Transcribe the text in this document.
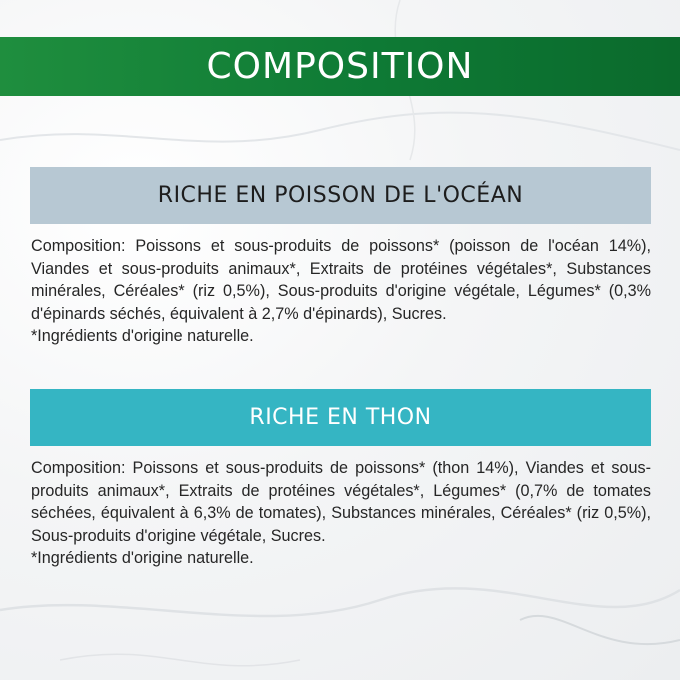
COMPOSITION
RICHE EN POISSON DE L'OCÉAN

Composition: Poissons et sous-produits de poissons* (poisson de l'océan 14%), Viandes et sous-produits animaux*, Extraits de protéines végétales*, Substances minérales, Céréales* (riz 0,5%), Sous-produits d'origine végétale, Légumes* (0,3% d'épinards séchés, équivalent à 2,7% d'épinards), Sucres.

*Ingrédients d'origine naturelle.

RICHE EN THON

Composition: Poissons et sous-produits de poissons* (thon 14%), Viandes et sous-produits animaux*, Extraits de protéines végétales*, Légumes* (0,7% de tomates séchées, équivalent à 6,3% de tomates), Substances minérales, Céréales* (riz 0,5%), Sous-produits d'origine végétale, Sucres.

*Ingrédients d'origine naturelle.
